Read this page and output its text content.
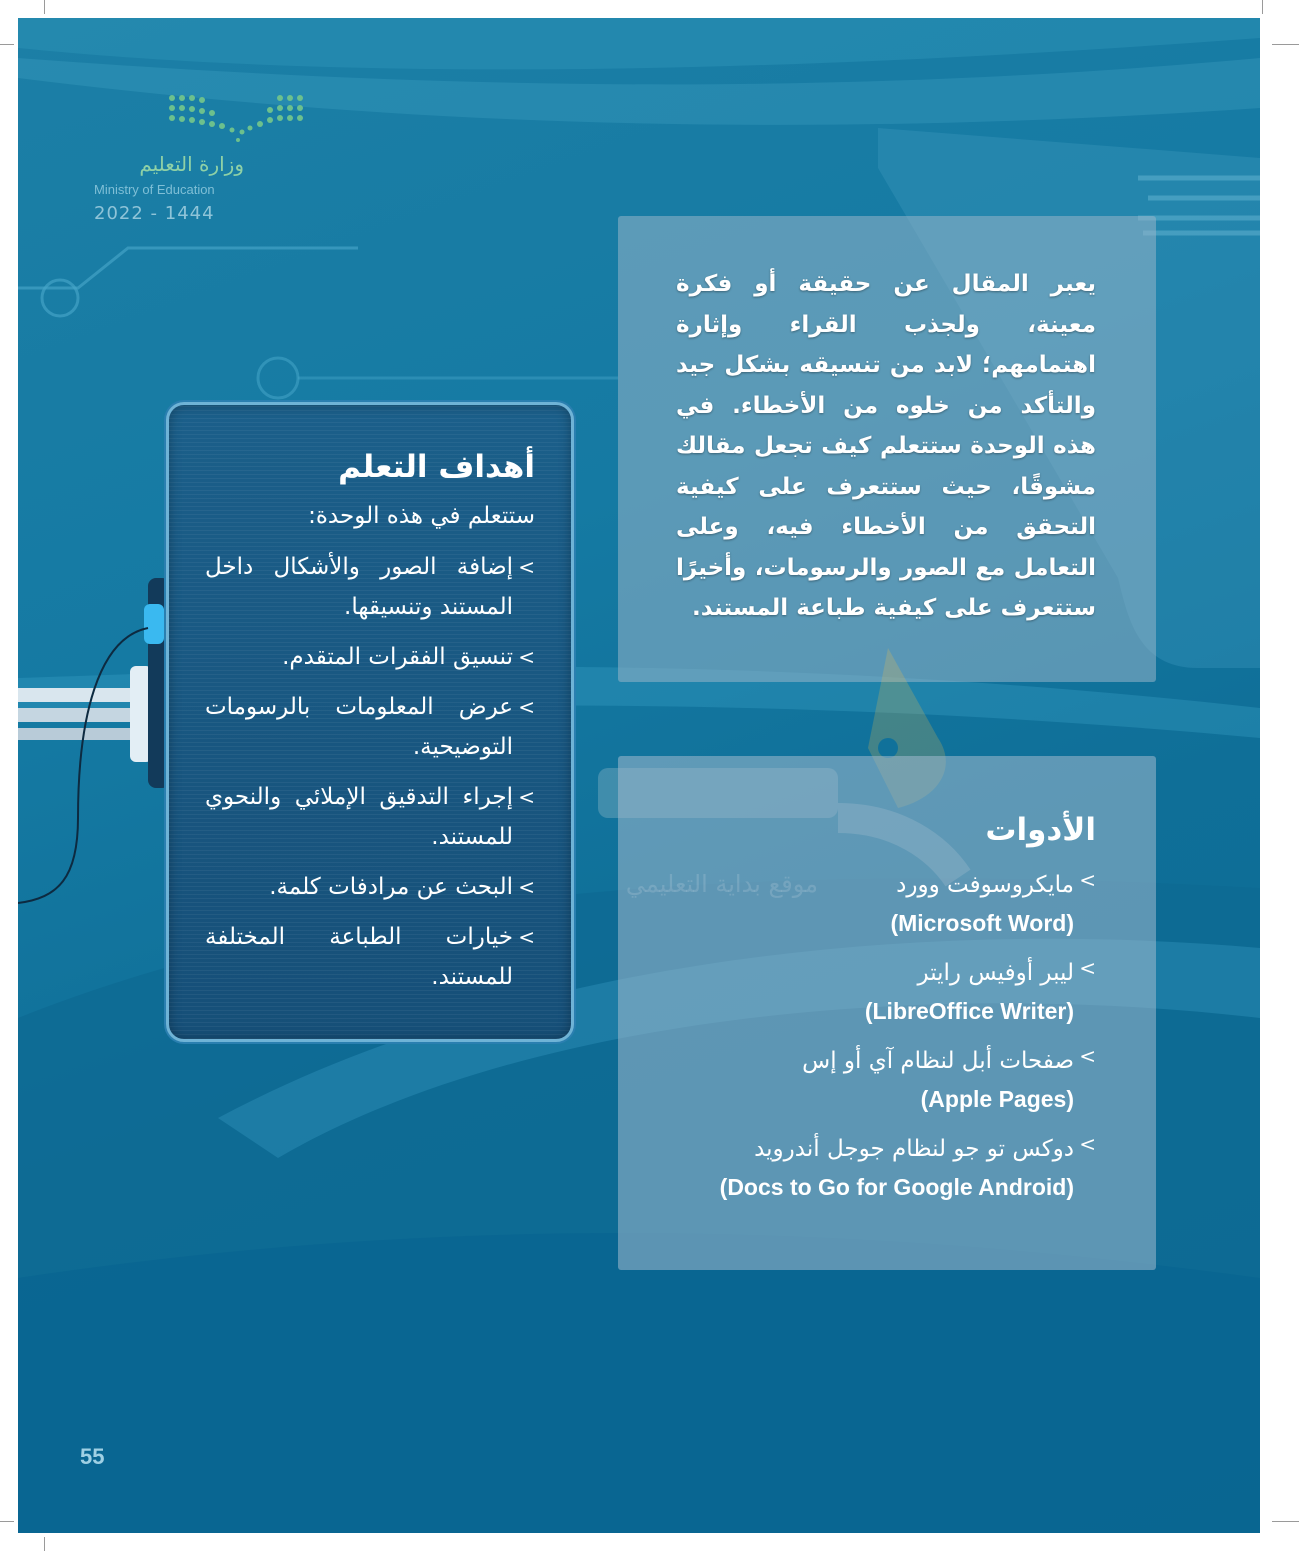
وزارة التعليم
Ministry of Education
2022 - 1444
يعبر المقال عن حقيقة أو فكرة معينة، ولجذب القراء وإثارة اهتمامهم؛ لابد من تنسيقه بشكل جيد والتأكد من خلوه من الأخطاء. في هذه الوحدة ستتعلم كيف تجعل مقالك مشوقًا، حيث ستتعرف على كيفية التحقق من الأخطاء فيه، وعلى التعامل مع الصور والرسومات، وأخيرًا ستتعرف على كيفية طباعة المستند.
أهداف التعلم
ستتعلم في هذه الوحدة:
>
إضافة الصور والأشكال داخل المستند وتنسيقها.
>
تنسيق الفقرات المتقدم.
>
عرض المعلومات بالرسومات التوضيحية.
>
إجراء التدقيق الإملائي والنحوي للمستند.
>
البحث عن مرادفات كلمة.
>
خيارات الطباعة المختلفة للمستند.
الأدوات
>
مايكروسوفت وورد
(Microsoft Word)
>
ليبر أوفيس رايتر
(LibreOffice Writer)
>
صفحات أبل لنظام آي أو إس
(Apple Pages)
>
دوكس تو جو لنظام جوجل أندرويد
(Docs to Go for Google Android)
55
